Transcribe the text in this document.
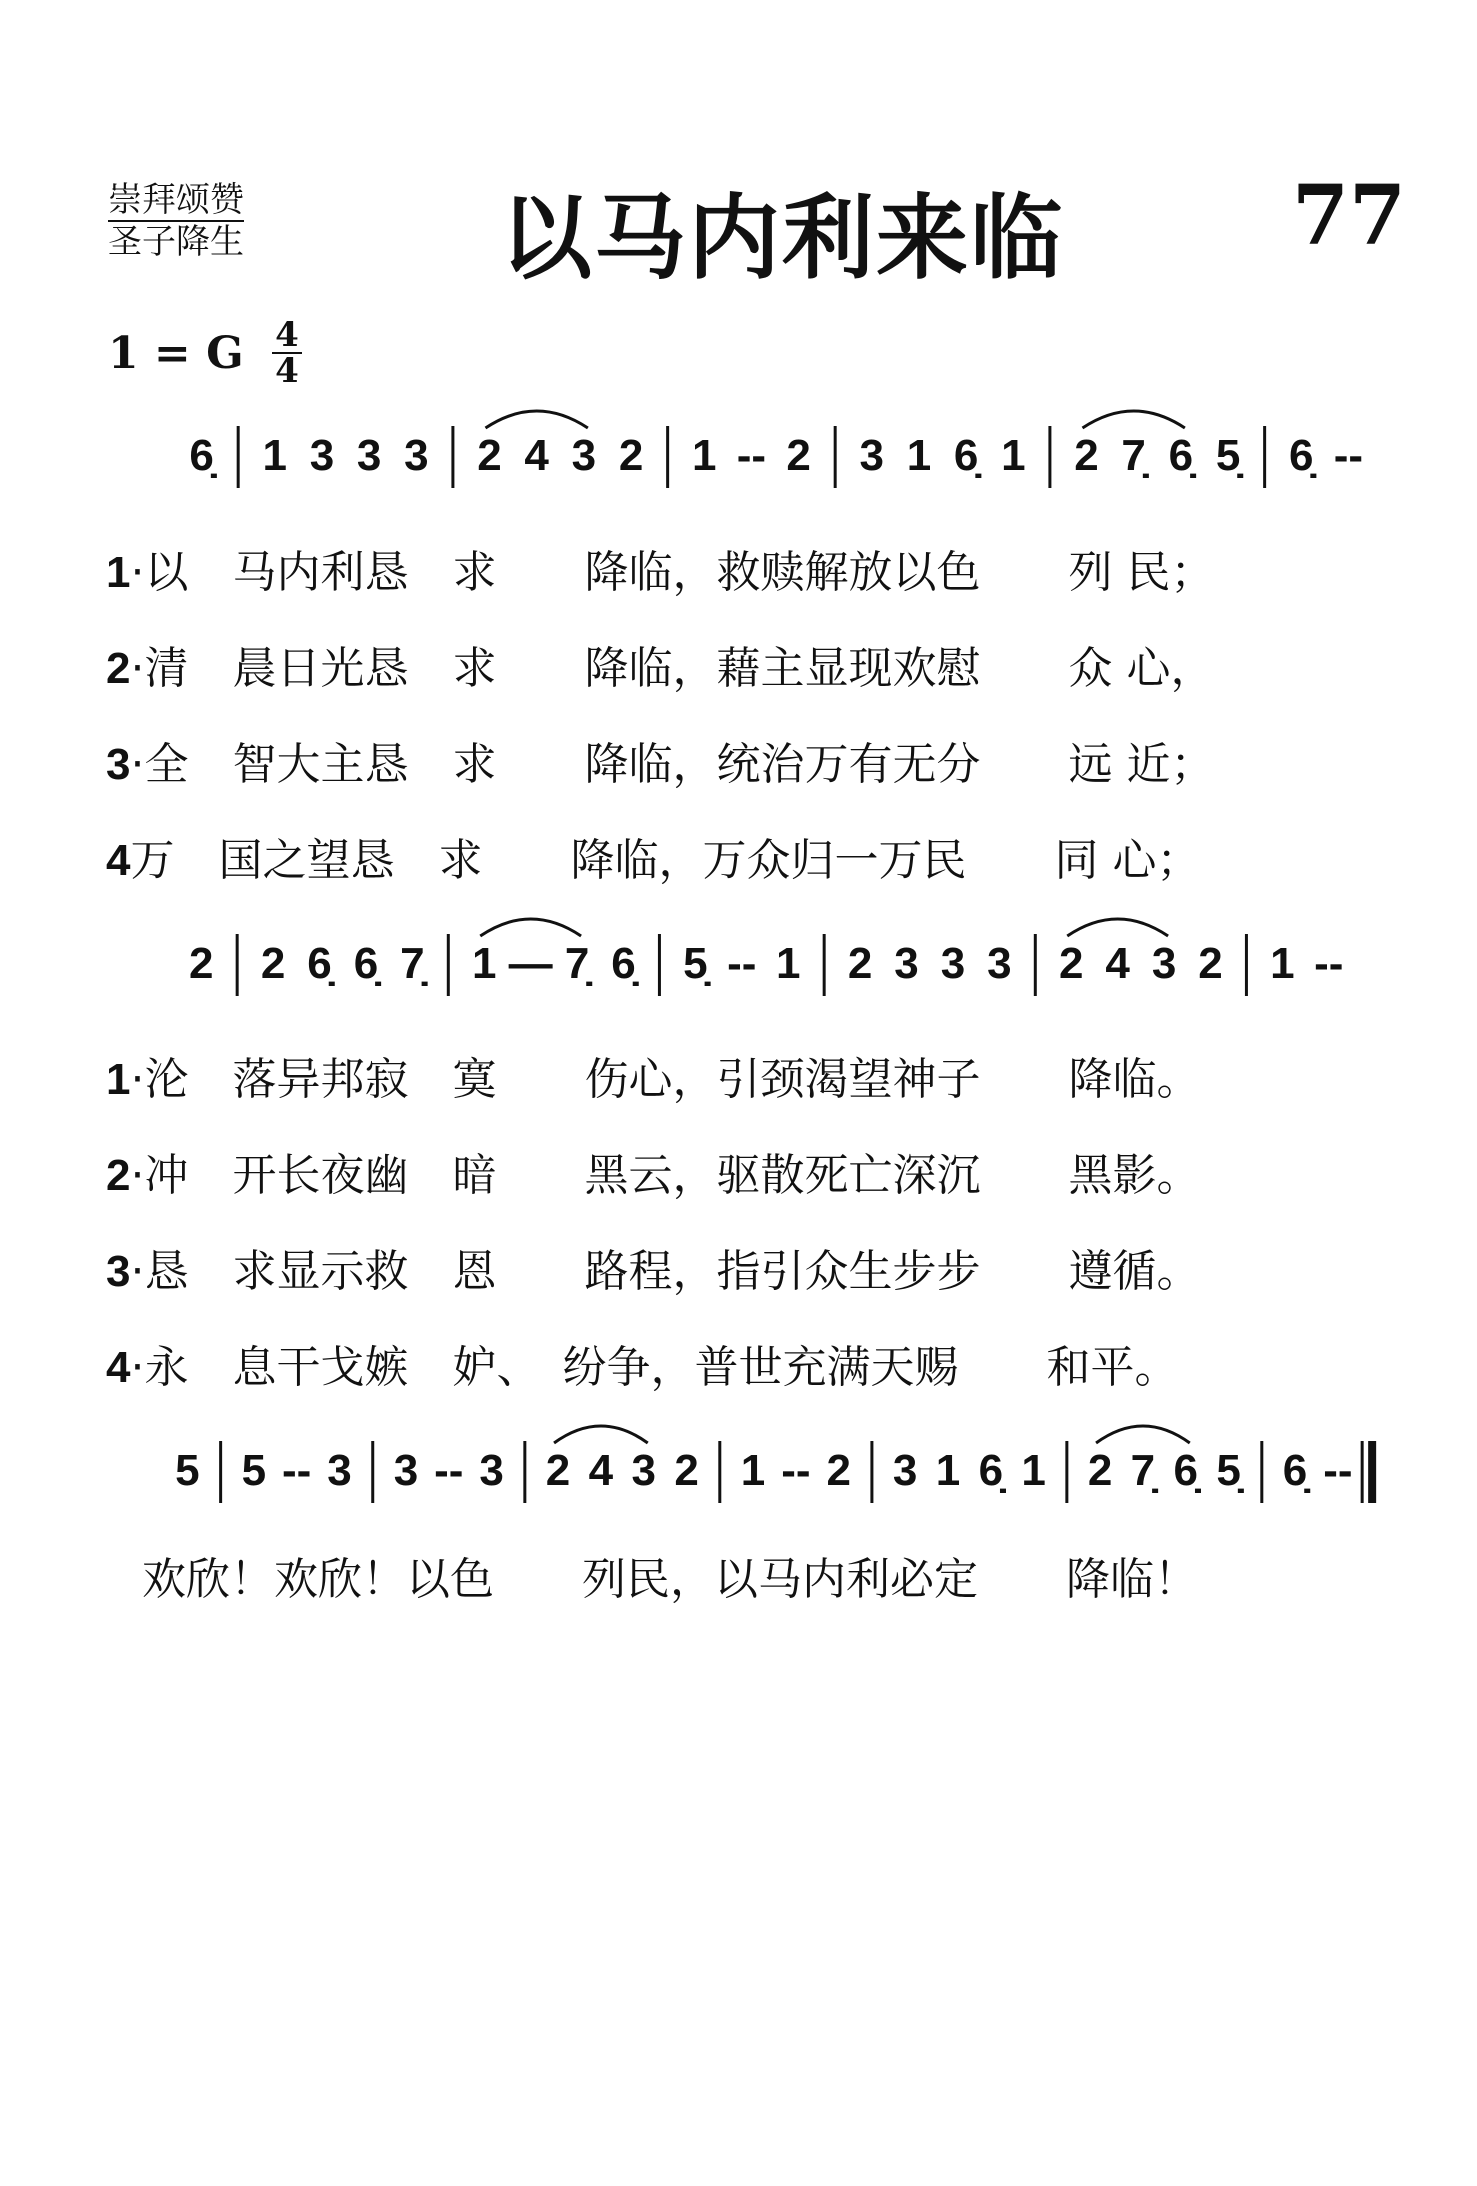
崇拜颂赞
圣子降生	以马内利来临	77
1 = G $\frac{4}{4}$
6̣ 1 3 3 3 2 4 3 2 1 -- 2 3 1 6̣ 1 2 7̣ 6̣ 5̣ 6̣ --
2 2 6̣ 6̣ 7̣ 1 — 7̣ 6̣ 5̣ -- 1 2 3 3 3 2 4 3 2 1 --
5 5 -- 3 3 -- 3 2 4 3 2 1 -- 2 3 1 6̣ 1 2 7̣ 6̣ 5̣ 6̣ --
1·以　马内利恳　求　　降临，救赎解放以色　　列 民；
2·清　晨日光恳　求　　降临，藉主显现欢慰　　众 心，
3·全　智大主恳　求　　降临，统治万有无分　　远 近；
4万　国之望恳　求　　降临，万众归一万民　　同 心；
1·沦　落异邦寂　寞　　伤心，引颈渴望神子　　降临。
2·冲　开长夜幽　暗　　黑云，驱散死亡深沉　　黑影。
3·恳　求显示救　恩　　路程，指引众生步步　　遵循。
4·永　息干戈嫉　妒、　纷争，普世充满天赐　　和平。
欢欣！欢欣！以色　　列民，以马内利必定　　降临！
